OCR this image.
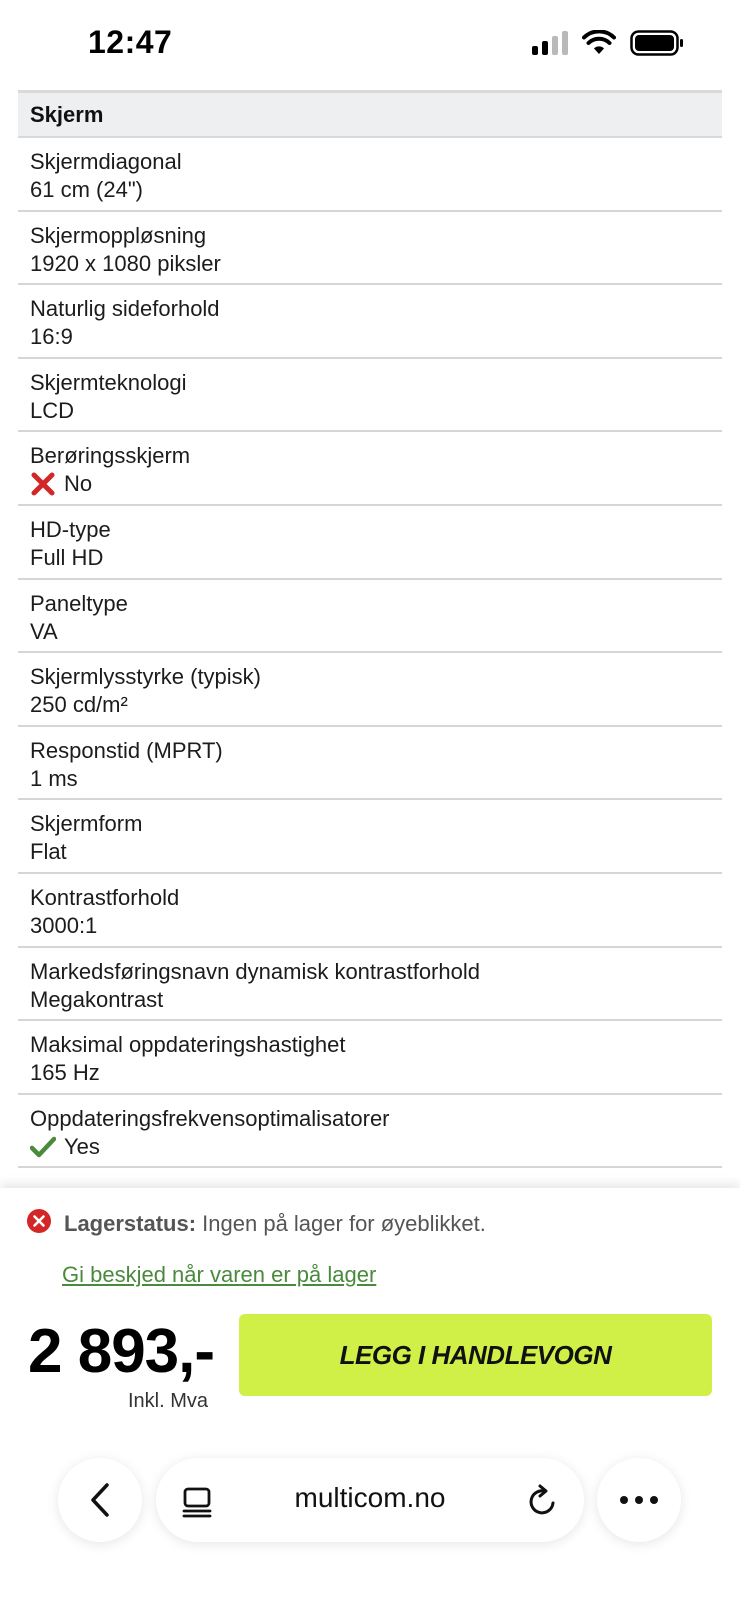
12:47
Skjerm
Skjermdiagonal
61 cm (24")
Skjermoppløsning
1920 x 1080 piksler
Naturlig sideforhold
16:9
Skjermteknologi
LCD
Berøringsskjerm
No
HD-type
Full HD
Paneltype
VA
Skjermlysstyrke (typisk)
250 cd/m²
Responstid (MPRT)
1 ms
Skjermform
Flat
Kontrastforhold
3000:1
Markedsføringsnavn dynamisk kontrastforhold
Megakontrast
Maksimal oppdateringshastighet
165 Hz
Oppdateringsfrekvensoptimalisatorer
Yes
Lagerstatus: Ingen på lager for øyeblikket.
Gi beskjed når varen er på lager
2 893,-
Inkl. Mva
LEGG I HANDLEVOGN
multicom.no
